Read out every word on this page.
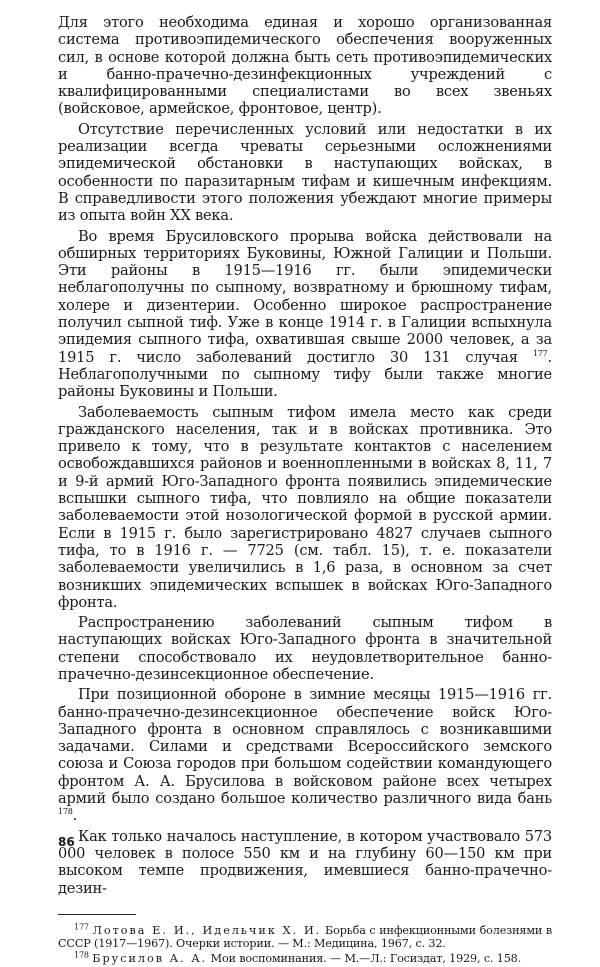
Для этого необходима единая и хорошо организованная система противоэпидемического обеспечения вооруженных сил, в основе которой должна быть сеть противоэпидемических и банно-прачечно-дезинфекционных учреждений с квалифицированными специалистами во всех звеньях (войсковое, армейское, фронтовое, центр).

Отсутствие перечисленных условий или недостатки в их реализации всегда чреваты серьезными осложнениями эпидемической обстановки в наступающих войсках, в особенности по паразитарным тифам и кишечным инфекциям. В справедливости этого положения убеждают многие примеры из опыта войн XX века.

Во время Брусиловского прорыва войска действовали на обширных территориях Буковины, Южной Галиции и Польши. Эти районы в 1915—1916 гг. были эпидемически неблагополучны по сыпному, возвратному и брюшному тифам, холере и дизентерии. Особенно широкое распространение получил сыпной тиф. Уже в конце 1914 г. в Галиции вспыхнула эпидемия сыпного тифа, охватившая свыше 2000 человек, а за 1915 г. число заболеваний достигло 30 131 случая $^{177}$. Неблагополучными по сыпному тифу были также многие районы Буковины и Польши.

Заболеваемость сыпным тифом имела место как среди гражданского населения, так и в войсках противника. Это привело к тому, что в результате контактов с населением освобождавшихся районов и военнопленными в войсках 8, 11, 7 и 9-й армий Юго-Западного фронта появились эпидемические вспышки сыпного тифа, что повлияло на общие показатели заболеваемости этой нозологической формой в русской армии. Если в 1915 г. было зарегистрировано 4827 случаев сыпного тифа, то в 1916 г. — 7725 (см. табл. 15), т. е. показатели заболеваемости увеличились в 1,6 раза, в основном за счет возникших эпидемических вспышек в войсках Юго-Западного фронта.

Распространению заболеваний сыпным тифом в наступающих войсках Юго-Западного фронта в значительной степени способствовало их неудовлетворительное банно-прачечно-дезинсекционное обеспечение.

При позиционной обороне в зимние месяцы 1915—1916 гг. банно-прачечно-дезинсекционное обеспечение войск Юго-Западного фронта в основном справлялось с возникавшими задачами. Силами и средствами Всероссийского земского союза и Союза городов при большом содействии командующего фронтом А. А. Брусилова в войсковом районе всех четырех армий было создано большое количество различного вида бань $^{178}$.

Как только началось наступление, в котором участвовало 573 000 человек в полосе 550 км и на глубину 60—150 км при высоком темпе продвижения, имевшиеся банно-прачечно-дезин-

$^{177}$ Лотова Е. И., Идельчик Х. И. Борьба с инфекционными болезнями в СССР (1917—1967). Очерки истории. — М.: Медицина, 1967, с. 32.

$^{178}$ Брусилов А. А. Мои воспоминания. — М.—Л.: Госиздат, 1929, с. 158.

86
